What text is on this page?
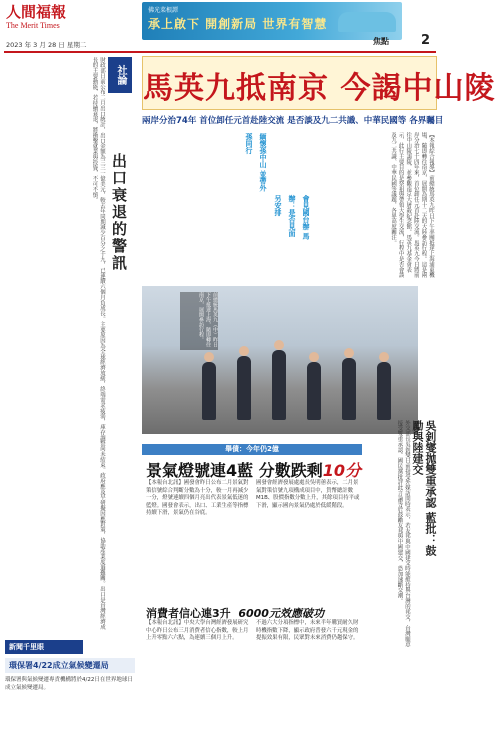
人間福報
The Merit Times
2023 年 3 月 28 日 星期二
佛光菜根譚
承上啟下 開創新局 世界有智慧
焦點 2
社論
出口衰退的警訊
財政部日前公布二月出口統計，出口金額為三三一億美元，較去年同期減少百分之十九，已連續六個月負成長。主要原因為全球經濟放緩，終端需求疲弱，庫存調整尚未結束。政府應及早研擬因應對策，協助產業度過難關。出口是台灣經濟成長的主要動能，若持續衰退，將衝擊就業與投資，不可不慎。
新聞千里眼
環保署4/22成立氣候變遷局
環保署與氣候變遷專責機構將於4/22日在世界地球日成立氣候變遷局。
馬英九抵南京 今謁中山陵
兩岸分治74年 首位卸任元首赴陸交流 是否談及九二共識、中華民國等 各界矚目
【本報綜合報導】前總統馬英九昨日下午率團抵達上海浦東機場，隨即轉往南京，展開為期十二天的大陸參訪行程。這是兩岸分治七十四年來，首位卸任元首赴陸交流。馬英九今日將前往中山陵謁陵，並參觀南京大屠殺紀念館。馬英九基金會表示，此行主要目的是祭祖與帶領大學生交流，行程中是否會談及九二共識、中華民國等議題，各界高度關注。
緬懷孫中山 並帶外孫同行
會見國台辦 馬辦：是否見面另安排
前總統馬英九（中）昨日下午抵達上海，隨即轉往南京，展開參訪行程。
吳釗燮拋雙重承認 藍批：鼓勵與陸建交
外交部長吳釗燮日前接受外媒訪問時表示，若友邦與中國建交時能維持與台灣的邦交，台灣願意接受雙重承認。國民黨批評此言論等於鼓勵友邦與中國建交，恐加速斷交潮。
舉債：今年仍2億
景氣燈號連4藍 分數跌剩10分
【本報台北訊】國發會昨日公布二月景氣對策信號綜合判斷分數為十分，較一月再減少一分，燈號連續四個月亮出代表景氣低迷的藍燈。國發會表示，出口、工業生產等指標持續下滑，景氣仍在谷底。
國發會經濟發展處處長吳明蕙表示，二月景氣對策信號九項構成項目中，貨幣總計數M1B、股價指數分數上升，其餘項目持平或下滑，顯示國內景氣仍處於低緩階段。
消費者信心連3升 6000元效應破功
【本報台北訊】中央大學台灣經濟發展研究中心昨日公布三月消費者信心指數，較上月上升零點六六點，為連續三個月上升。
不過六大分項指標中，未來半年購買耐久財時機指數下降，顯示政府普發六千元現金的提振效果有限，民眾對未來消費仍趨保守。
